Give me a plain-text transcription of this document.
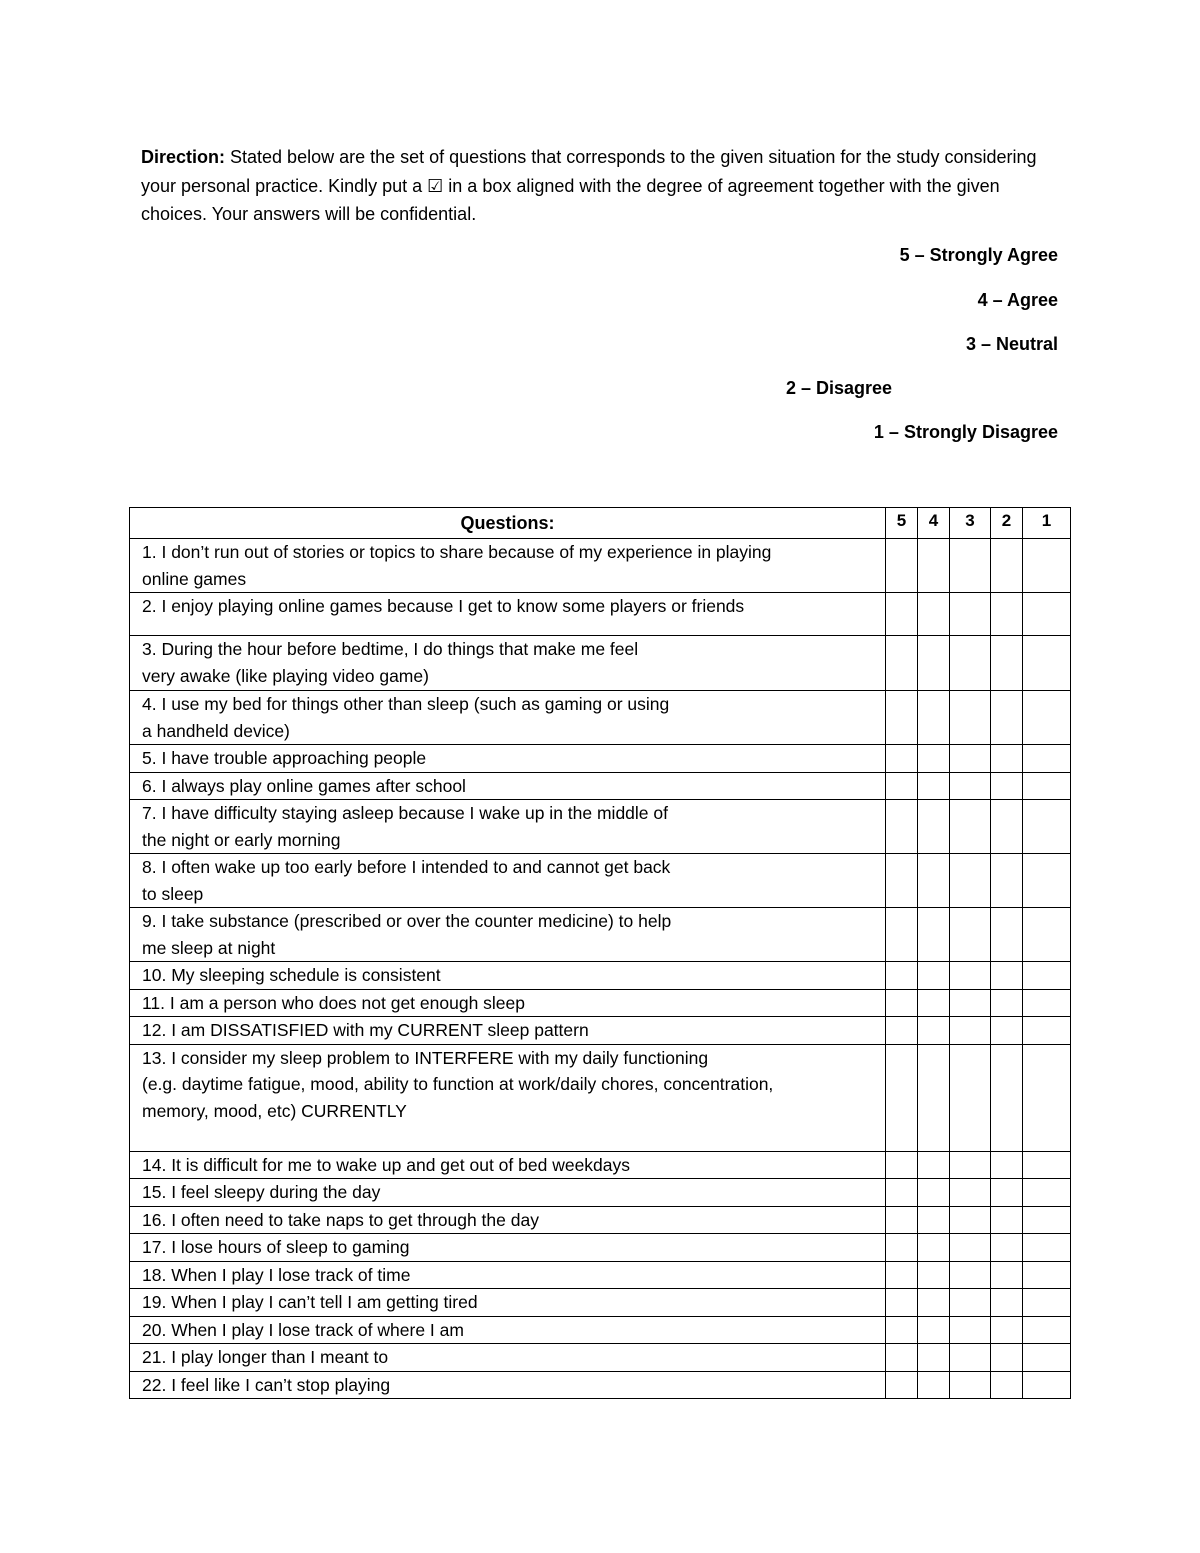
Direction: Stated below are the set of questions that corresponds to the given situation for the study considering your personal practice. Kindly put a ☑ in a box aligned with the degree of agreement together with the given choices. Your answers will be confidential.
5 – Strongly Agree
4 – Agree
3 – Neutral
2 – Disagree
1 – Strongly Disagree
Questions:	5	4	3	2	1
1. I don’t run out of stories or topics to share because of my experience in playing
online games					
2. I enjoy playing online games because I get to know some players or friends					
3. During the hour before bedtime, I do things that make me feel
very awake (like playing video game)					
4. I use my bed for things other than sleep (such as gaming or using
a handheld device)					
5. I have trouble approaching people					
6. I always play online games after school					
7. I have difficulty staying asleep because I wake up in the middle of
the night or early morning					
8. I often wake up too early before I intended to and cannot get back
to sleep					
9. I take substance (prescribed or over the counter medicine) to help
me sleep at night					
10. My sleeping schedule is consistent					
11. I am a person who does not get enough sleep					
12. I am DISSATISFIED with my CURRENT sleep pattern					
13. I consider my sleep problem to INTERFERE with my daily functioning
(e.g. daytime fatigue, mood, ability to function at work/daily chores, concentration,
memory, mood, etc) CURRENTLY					
14. It is difficult for me to wake up and get out of bed weekdays					
15. I feel sleepy during the day					
16. I often need to take naps to get through the day					
17. I lose hours of sleep to gaming					
18. When I play I lose track of time					
19. When I play I can’t tell I am getting tired					
20. When I play I lose track of where I am					
21. I play longer than I meant to					
22. I feel like I can’t stop playing					
